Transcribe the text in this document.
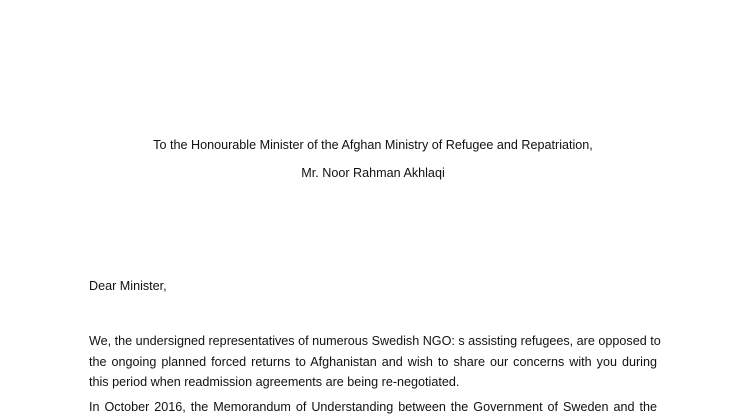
To the Honourable Minister of the Afghan Ministry of Refugee and Repatriation,
Mr. Noor Rahman Akhlaqi
Dear Minister,
We, the undersigned representatives of numerous Swedish NGO: s assisting refugees, are opposed to
the ongoing planned forced returns to Afghanistan and wish to share our concerns with you during
this period when readmission agreements are being re-negotiated.
In October 2016, the Memorandum of Understanding between the Government of Sweden and the
